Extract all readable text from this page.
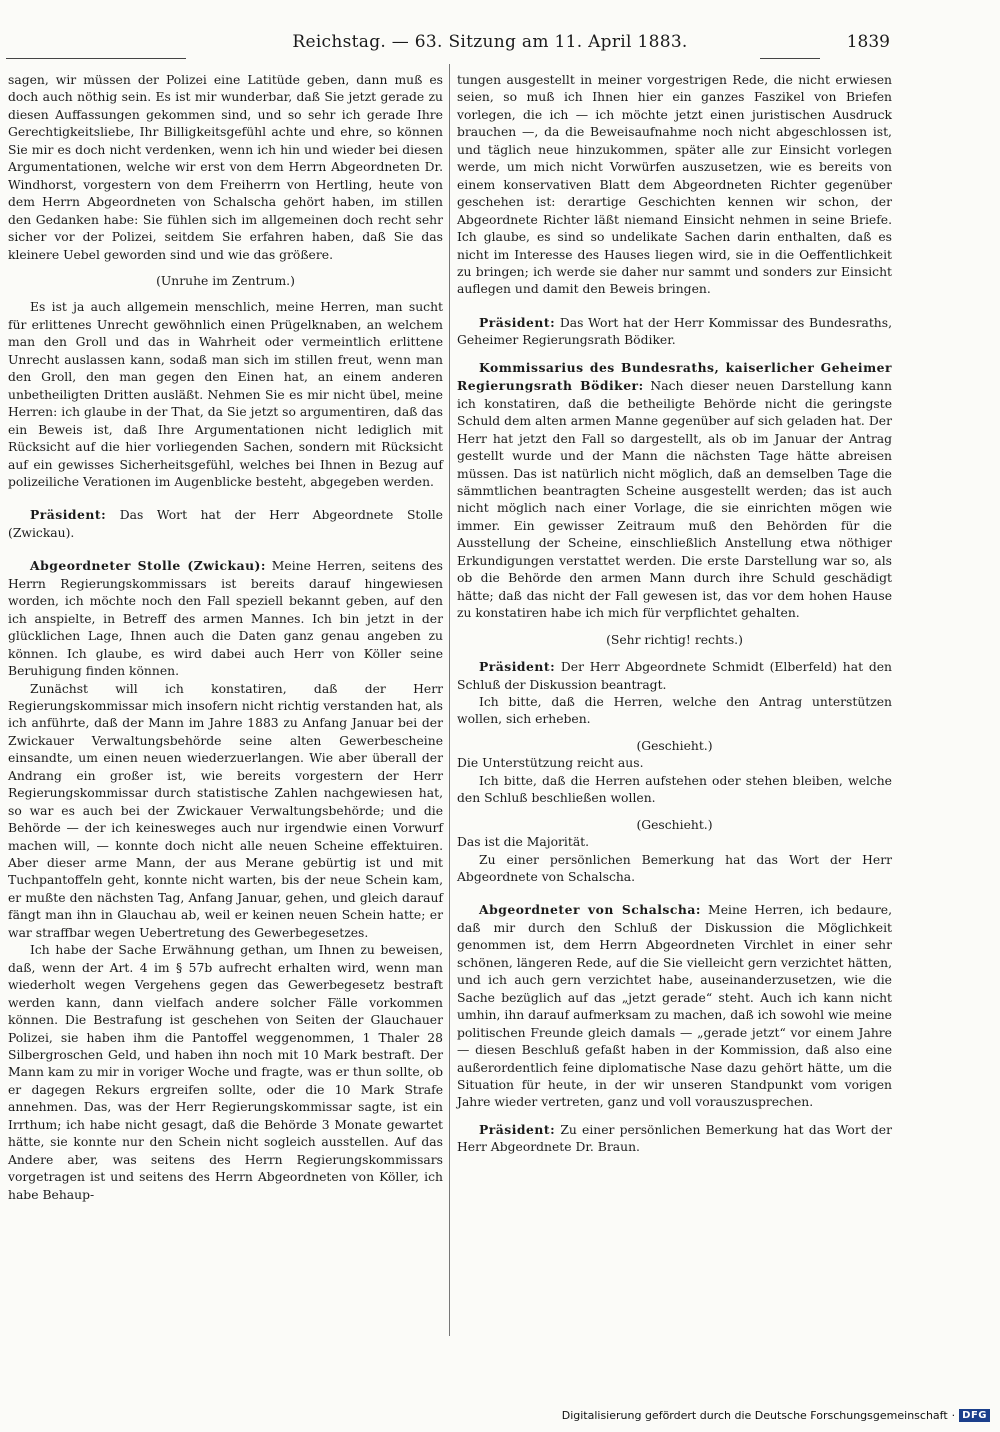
Reichstag. — 63. Sitzung am 11. April 1883.	1839

sagen, wir müssen der Polizei eine Latitüde geben, dann muß es doch auch nöthig sein. Es ist mir wunderbar, daß Sie jetzt gerade zu diesen Auffassungen gekommen sind, und so sehr ich gerade Ihre Gerechtigkeitsliebe, Ihr Billigkeitsgefühl achte und ehre, so können Sie mir es doch nicht verdenken, wenn ich hin und wieder bei diesen Argumentationen, welche wir erst von dem Herrn Abgeordneten Dr. Windhorst, vorgestern von dem Freiherrn von Hertling, heute von dem Herrn Abgeordneten von Schalscha gehört haben, im stillen den Gedanken habe: Sie fühlen sich im allgemeinen doch recht sehr sicher vor der Polizei, seitdem Sie erfahren haben, daß Sie das kleinere Uebel geworden sind und wie das größere.

(Unruhe im Zentrum.)

Es ist ja auch allgemein menschlich, meine Herren, man sucht für erlittenes Unrecht gewöhnlich einen Prügelknaben, an welchem man den Groll und das in Wahrheit oder vermeintlich erlittene Unrecht auslassen kann, sodaß man sich im stillen freut, wenn man den Groll, den man gegen den Einen hat, an einem anderen unbetheiligten Dritten ausläßt. Nehmen Sie es mir nicht übel, meine Herren: ich glaube in der That, da Sie jetzt so argumentiren, daß das ein Beweis ist, daß Ihre Argumentationen nicht lediglich mit Rücksicht auf die hier vorliegenden Sachen, sondern mit Rücksicht auf ein gewisses Sicherheitsgefühl, welches bei Ihnen in Bezug auf polizeiliche Verationen im Augenblicke besteht, abgegeben werden.

Präsident: Das Wort hat der Herr Abgeordnete Stolle (Zwickau).

Abgeordneter Stolle (Zwickau): Meine Herren, seitens des Herrn Regierungskommissars ist bereits darauf hingewiesen worden, ich möchte noch den Fall speziell bekannt geben, auf den ich anspielte, in Betreff des armen Mannes. Ich bin jetzt in der glücklichen Lage, Ihnen auch die Daten ganz genau angeben zu können. Ich glaube, es wird dabei auch Herr von Köller seine Beruhigung finden können.

Zunächst will ich konstatiren, daß der Herr Regierungskommissar mich insofern nicht richtig verstanden hat, als ich anführte, daß der Mann im Jahre 1883 zu Anfang Januar bei der Zwickauer Verwaltungsbehörde seine alten Gewerbescheine einsandte, um einen neuen wiederzuerlangen. Wie aber überall der Andrang ein großer ist, wie bereits vorgestern der Herr Regierungskommissar durch statistische Zahlen nachgewiesen hat, so war es auch bei der Zwickauer Verwaltungsbehörde; und die Behörde — der ich keinesweges auch nur irgendwie einen Vorwurf machen will, — konnte doch nicht alle neuen Scheine effektuiren. Aber dieser arme Mann, der aus Merane gebürtig ist und mit Tuchpantoffeln geht, konnte nicht warten, bis der neue Schein kam, er mußte den nächsten Tag, Anfang Januar, gehen, und gleich darauf fängt man ihn in Glauchau ab, weil er keinen neuen Schein hatte; er war straffbar wegen Uebertretung des Gewerbegesetzes.

Ich habe der Sache Erwähnung gethan, um Ihnen zu beweisen, daß, wenn der Art. 4 im § 57b aufrecht erhalten wird, wenn man wiederholt wegen Vergehens gegen das Gewerbegesetz bestraft werden kann, dann vielfach andere solcher Fälle vorkommen können. Die Bestrafung ist geschehen von Seiten der Glauchauer Polizei, sie haben ihm die Pantoffel weggenommen, 1 Thaler 28 Silbergroschen Geld, und haben ihn noch mit 10 Mark bestraft. Der Mann kam zu mir in voriger Woche und fragte, was er thun sollte, ob er dagegen Rekurs ergreifen sollte, oder die 10 Mark Strafe annehmen. Das, was der Herr Regierungskommissar sagte, ist ein Irrthum; ich habe nicht gesagt, daß die Behörde 3 Monate gewartet hätte, sie konnte nur den Schein nicht sogleich ausstellen. Auf das Andere aber, was seitens des Herrn Regierungskommissars vorgetragen ist und seitens des Herrn Abgeordneten von Köller, ich habe Behaup-

tungen ausgestellt in meiner vorgestrigen Rede, die nicht erwiesen seien, so muß ich Ihnen hier ein ganzes Faszikel von Briefen vorlegen, die ich — ich möchte jetzt einen juristischen Ausdruck brauchen —, da die Beweisaufnahme noch nicht abgeschlossen ist, und täglich neue hinzukommen, später alle zur Einsicht vorlegen werde, um mich nicht Vorwürfen auszusetzen, wie es bereits von einem konservativen Blatt dem Abgeordneten Richter gegenüber geschehen ist: derartige Geschichten kennen wir schon, der Abgeordnete Richter läßt niemand Einsicht nehmen in seine Briefe. Ich glaube, es sind so undelikate Sachen darin enthalten, daß es nicht im Interesse des Hauses liegen wird, sie in die Oeffentlichkeit zu bringen; ich werde sie daher nur sammt und sonders zur Einsicht auflegen und damit den Beweis bringen.

Präsident: Das Wort hat der Herr Kommissar des Bundesraths, Geheimer Regierungsrath Bödiker.

Kommissarius des Bundesraths, kaiserlicher Geheimer Regierungsrath Bödiker: Nach dieser neuen Darstellung kann ich konstatiren, daß die betheiligte Behörde nicht die geringste Schuld dem alten armen Manne gegenüber auf sich geladen hat. Der Herr hat jetzt den Fall so dargestellt, als ob im Januar der Antrag gestellt wurde und der Mann die nächsten Tage hätte abreisen müssen. Das ist natürlich nicht möglich, daß an demselben Tage die sämmtlichen beantragten Scheine ausgestellt werden; das ist auch nicht möglich nach einer Vorlage, die sie einrichten mögen wie immer. Ein gewisser Zeitraum muß den Behörden für die Ausstellung der Scheine, einschließlich Anstellung etwa nöthiger Erkundigungen verstattet werden. Die erste Darstellung war so, als ob die Behörde den armen Mann durch ihre Schuld geschädigt hätte; daß das nicht der Fall gewesen ist, das vor dem hohen Hause zu konstatiren habe ich mich für verpflichtet gehalten.

(Sehr richtig! rechts.)

Präsident: Der Herr Abgeordnete Schmidt (Elberfeld) hat den Schluß der Diskussion beantragt.

Ich bitte, daß die Herren, welche den Antrag unterstützen wollen, sich erheben.

(Geschieht.)

Die Unterstützung reicht aus.

Ich bitte, daß die Herren aufstehen oder stehen bleiben, welche den Schluß beschließen wollen.

(Geschieht.)

Das ist die Majorität.

Zu einer persönlichen Bemerkung hat das Wort der Herr Abgeordnete von Schalscha.

Abgeordneter von Schalscha: Meine Herren, ich bedaure, daß mir durch den Schluß der Diskussion die Möglichkeit genommen ist, dem Herrn Abgeordneten Virchlet in einer sehr schönen, längeren Rede, auf die Sie vielleicht gern verzichtet hätten, und ich auch gern verzichtet habe, auseinanderzusetzen, wie die Sache bezüglich auf das „jetzt gerade“ steht. Auch ich kann nicht umhin, ihn darauf aufmerksam zu machen, daß ich sowohl wie meine politischen Freunde gleich damals — „gerade jetzt“ vor einem Jahre — diesen Beschluß gefaßt haben in der Kommission, daß also eine außerordentlich feine diplomatische Nase dazu gehört hätte, um die Situation für heute, in der wir unseren Standpunkt vom vorigen Jahre wieder vertreten, ganz und voll vorauszusprechen.

Präsident: Zu einer persönlichen Bemerkung hat das Wort der Herr Abgeordnete Dr. Braun.

Digitalisierung gefördert durch die Deutsche Forschungsgemeinschaft · DFG
